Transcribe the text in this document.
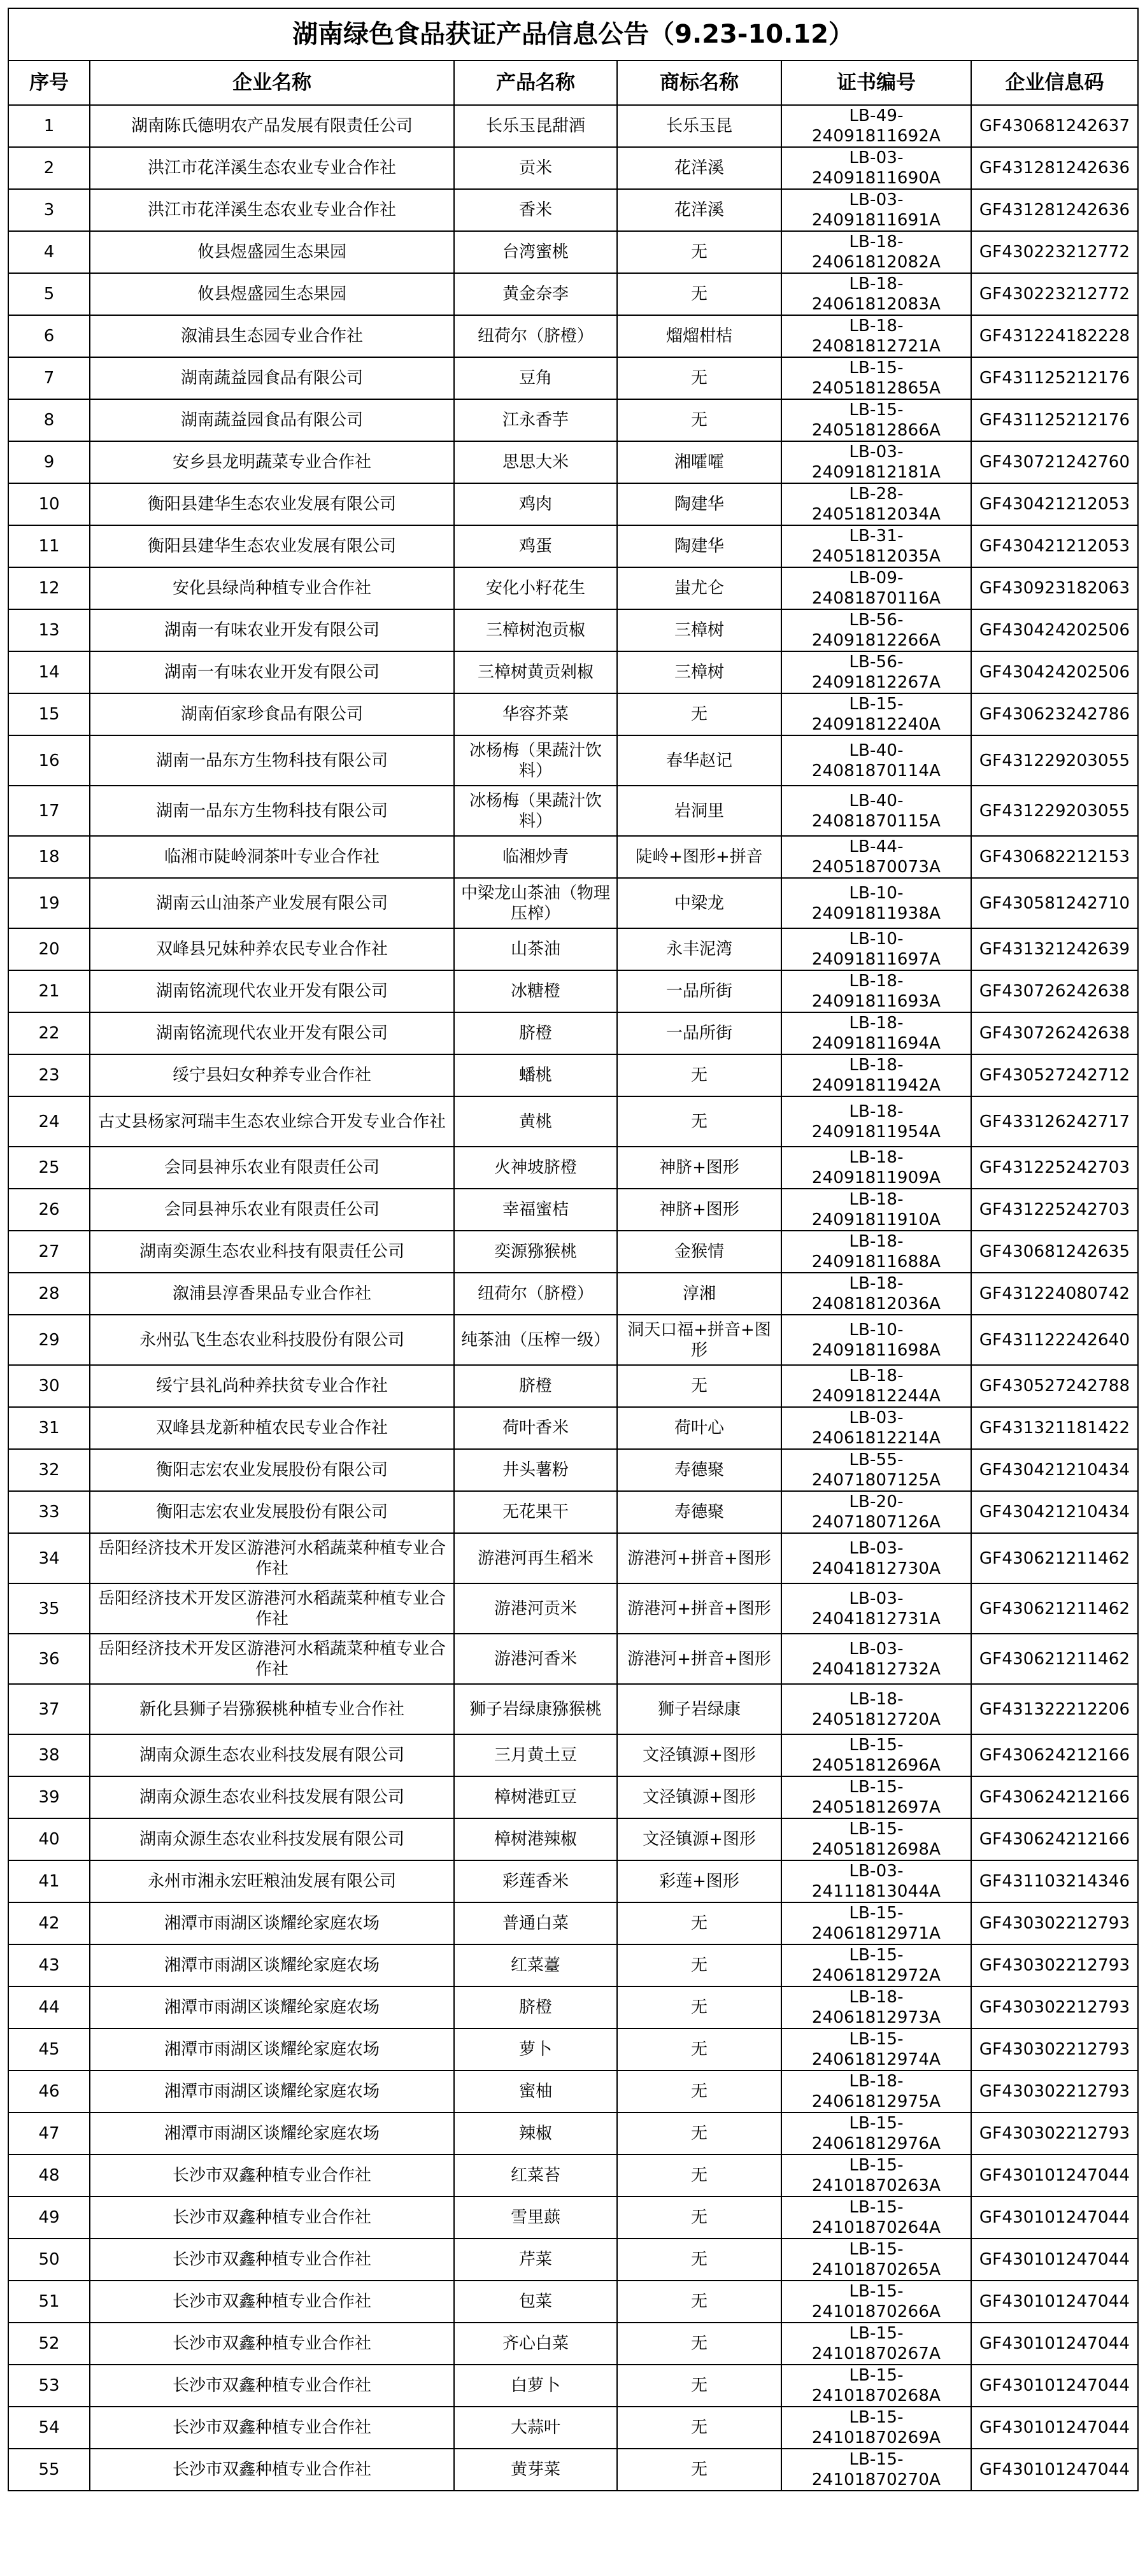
湖南绿色食品获证产品信息公告（9.23-10.12）					
序号	企业名称	产品名称	商标名称	证书编号	企业信息码
1	湖南陈氏德明农产品发展有限责任公司	长乐玉昆甜酒	长乐玉昆	LB-49-24091811692A	GF430681242637
2	洪江市花洋溪生态农业专业合作社	贡米	花洋溪	LB-03-24091811690A	GF431281242636
3	洪江市花洋溪生态农业专业合作社	香米	花洋溪	LB-03-24091811691A	GF431281242636
4	攸县煜盛园生态果园	台湾蜜桃	无	LB-18-24061812082A	GF430223212772
5	攸县煜盛园生态果园	黄金奈李	无	LB-18-24061812083A	GF430223212772
6	溆浦县生态园专业合作社	纽荷尔（脐橙）	熘熘柑桔	LB-18-24081812721A	GF431224182228
7	湖南蔬益园食品有限公司	豆角	无	LB-15-24051812865A	GF431125212176
8	湖南蔬益园食品有限公司	江永香芋	无	LB-15-24051812866A	GF431125212176
9	安乡县龙明蔬菜专业合作社	思思大米	湘嚯嚯	LB-03-24091812181A	GF430721242760
10	衡阳县建华生态农业发展有限公司	鸡肉	陶建华	LB-28-24051812034A	GF430421212053
11	衡阳县建华生态农业发展有限公司	鸡蛋	陶建华	LB-31-24051812035A	GF430421212053
12	安化县绿尚种植专业合作社	安化小籽花生	蚩尤仑	LB-09-24081870116A	GF430923182063
13	湖南一有味农业开发有限公司	三樟树泡贡椒	三樟树	LB-56-24091812266A	GF430424202506
14	湖南一有味农业开发有限公司	三樟树黄贡剁椒	三樟树	LB-56-24091812267A	GF430424202506
15	湖南佰家珍食品有限公司	华容芥菜	无	LB-15-24091812240A	GF430623242786
16	湖南一品东方生物科技有限公司	冰杨梅（果蔬汁饮料）	春华赵记	LB-40-24081870114A	GF431229203055
17	湖南一品东方生物科技有限公司	冰杨梅（果蔬汁饮料）	岩洞里	LB-40-24081870115A	GF431229203055
18	临湘市陡岭洞茶叶专业合作社	临湘炒青	陡岭+图形+拼音	LB-44-24051870073A	GF430682212153
19	湖南云山油茶产业发展有限公司	中梁龙山茶油（物理压榨）	中梁龙	LB-10-24091811938A	GF430581242710
20	双峰县兄妹种养农民专业合作社	山茶油	永丰泥湾	LB-10-24091811697A	GF431321242639
21	湖南铭流现代农业开发有限公司	冰糖橙	一品所街	LB-18-24091811693A	GF430726242638
22	湖南铭流现代农业开发有限公司	脐橙	一品所街	LB-18-24091811694A	GF430726242638
23	绥宁县妇女种养专业合作社	蟠桃	无	LB-18-24091811942A	GF430527242712
24	古丈县杨家河瑞丰生态农业综合开发专业合作社	黄桃	无	LB-18-24091811954A	GF433126242717
25	会同县神乐农业有限责任公司	火神坡脐橙	神脐+图形	LB-18-24091811909A	GF431225242703
26	会同县神乐农业有限责任公司	幸福蜜桔	神脐+图形	LB-18-24091811910A	GF431225242703
27	湖南奕源生态农业科技有限责任公司	奕源猕猴桃	金猴情	LB-18-24091811688A	GF430681242635
28	溆浦县淳香果品专业合作社	纽荷尔（脐橙）	淳湘	LB-18-24081812036A	GF431224080742
29	永州弘飞生态农业科技股份有限公司	纯茶油（压榨一级）	洞天口福+拼音+图形	LB-10-24091811698A	GF431122242640
30	绥宁县礼尚种养扶贫专业合作社	脐橙	无	LB-18-24091812244A	GF430527242788
31	双峰县龙新种植农民专业合作社	荷叶香米	荷叶心	LB-03-24061812214A	GF431321181422
32	衡阳志宏农业发展股份有限公司	井头薯粉	寿德聚	LB-55-24071807125A	GF430421210434
33	衡阳志宏农业发展股份有限公司	无花果干	寿德聚	LB-20-24071807126A	GF430421210434
34	岳阳经济技术开发区游港河水稻蔬菜种植专业合作社	游港河再生稻米	游港河+拼音+图形	LB-03-24041812730A	GF430621211462
35	岳阳经济技术开发区游港河水稻蔬菜种植专业合作社	游港河贡米	游港河+拼音+图形	LB-03-24041812731A	GF430621211462
36	岳阳经济技术开发区游港河水稻蔬菜种植专业合作社	游港河香米	游港河+拼音+图形	LB-03-24041812732A	GF430621211462
37	新化县狮子岩猕猴桃种植专业合作社	狮子岩绿康猕猴桃	狮子岩绿康	LB-18-24051812720A	GF431322212206
38	湖南众源生态农业科技发展有限公司	三月黄土豆	文泾镇源+图形	LB-15-24051812696A	GF430624212166
39	湖南众源生态农业科技发展有限公司	樟树港豇豆	文泾镇源+图形	LB-15-24051812697A	GF430624212166
40	湖南众源生态农业科技发展有限公司	樟树港辣椒	文泾镇源+图形	LB-15-24051812698A	GF430624212166
41	永州市湘永宏旺粮油发展有限公司	彩莲香米	彩莲+图形	LB-03-24111813044A	GF431103214346
42	湘潭市雨湖区谈耀纶家庭农场	普通白菜	无	LB-15-24061812971A	GF430302212793
43	湘潭市雨湖区谈耀纶家庭农场	红菜薹	无	LB-15-24061812972A	GF430302212793
44	湘潭市雨湖区谈耀纶家庭农场	脐橙	无	LB-18-24061812973A	GF430302212793
45	湘潭市雨湖区谈耀纶家庭农场	萝卜	无	LB-15-24061812974A	GF430302212793
46	湘潭市雨湖区谈耀纶家庭农场	蜜柚	无	LB-18-24061812975A	GF430302212793
47	湘潭市雨湖区谈耀纶家庭农场	辣椒	无	LB-15-24061812976A	GF430302212793
48	长沙市双鑫种植专业合作社	红菜苔	无	LB-15-24101870263A	GF430101247044
49	长沙市双鑫种植专业合作社	雪里蕻	无	LB-15-24101870264A	GF430101247044
50	长沙市双鑫种植专业合作社	芹菜	无	LB-15-24101870265A	GF430101247044
51	长沙市双鑫种植专业合作社	包菜	无	LB-15-24101870266A	GF430101247044
52	长沙市双鑫种植专业合作社	齐心白菜	无	LB-15-24101870267A	GF430101247044
53	长沙市双鑫种植专业合作社	白萝卜	无	LB-15-24101870268A	GF430101247044
54	长沙市双鑫种植专业合作社	大蒜叶	无	LB-15-24101870269A	GF430101247044
55	长沙市双鑫种植专业合作社	黄芽菜	无	LB-15-24101870270A	GF430101247044
